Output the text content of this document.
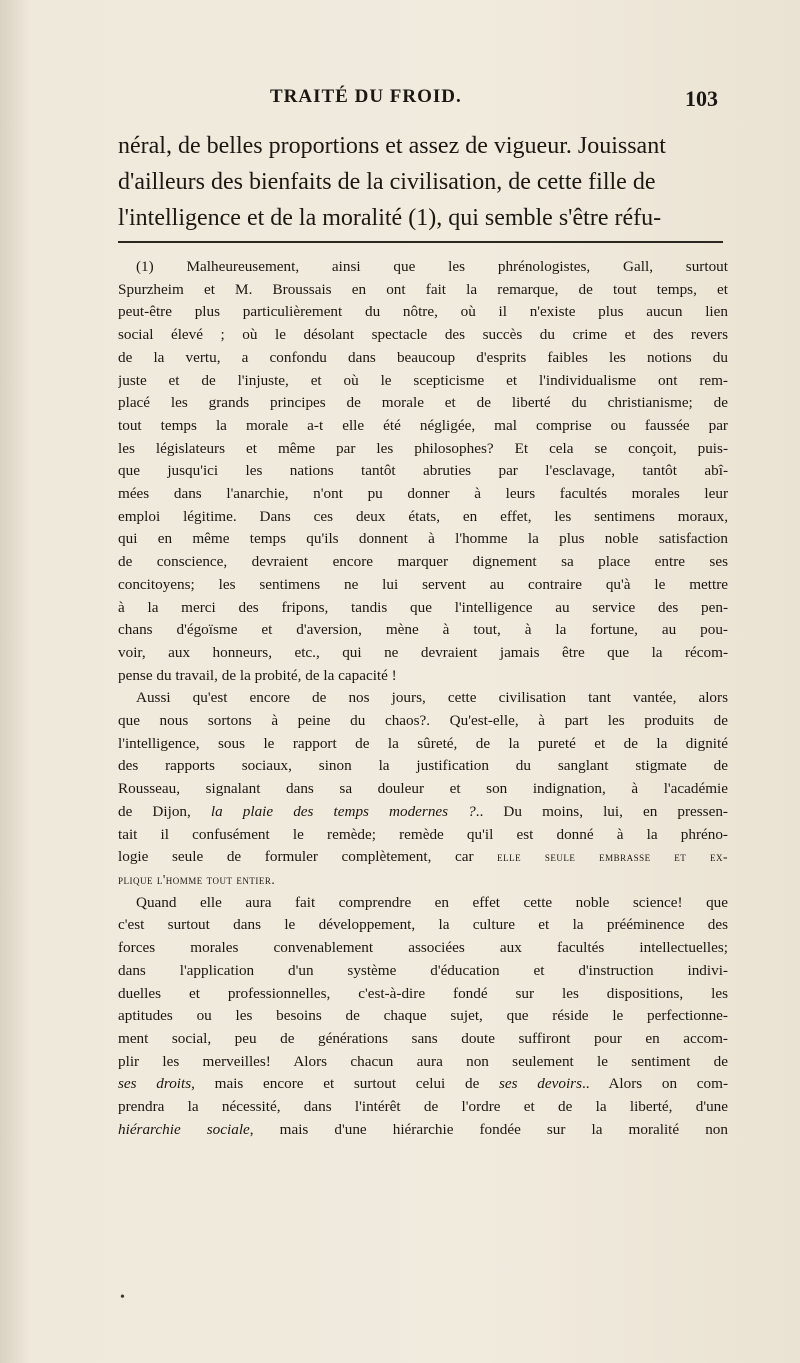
TRAITÉ DU FROID.	103
néral, de belles proportions et assez de vigueur. Jouissant
d'ailleurs des bienfaits de la civilisation, de cette fille de
l'intelligence et de la moralité (1), qui semble s'être réfu-
(1) Malheureusement, ainsi que les phrénologistes, Gall, surtout
Spurzheim et M. Broussais en ont fait la remarque, de tout temps, et
peut-être plus particulièrement du nôtre, où il n'existe plus aucun lien
social élevé ; où le désolant spectacle des succès du crime et des revers
de la vertu, a confondu dans beaucoup d'esprits faibles les notions du
juste et de l'injuste, et où le scepticisme et l'individualisme ont rem-
placé les grands principes de morale et de liberté du christianisme; de
tout temps la morale a-t elle été négligée, mal comprise ou faussée par
les législateurs et même par les philosophes? Et cela se conçoit, puis-
que jusqu'ici les nations tantôt abruties par l'esclavage, tantôt abî-
mées dans l'anarchie, n'ont pu donner à leurs facultés morales leur
emploi légitime. Dans ces deux états, en effet, les sentimens moraux,
qui en même temps qu'ils donnent à l'homme la plus noble satisfaction
de conscience, devraient encore marquer dignement sa place entre ses
concitoyens; les sentimens ne lui servent au contraire qu'à le mettre
à la merci des fripons, tandis que l'intelligence au service des pen-
chans d'égoïsme et d'aversion, mène à tout, à la fortune, au pou-
voir, aux honneurs, etc., qui ne devraient jamais être que la récom-
pense du travail, de la probité, de la capacité !
Aussi qu'est encore de nos jours, cette civilisation tant vantée, alors
que nous sortons à peine du chaos?. Qu'est-elle, à part les produits de
l'intelligence, sous le rapport de la sûreté, de la pureté et de la dignité
des rapports sociaux, sinon la justification du sanglant stigmate de
Rousseau, signalant dans sa douleur et son indignation, à l'académie
de Dijon, la plaie des temps modernes ?.. Du moins, lui, en pressen-
tait il confusément le remède; remède qu'il est donné à la phréno-
logie seule de formuler complètement, car elle seule embrasse et ex-
plique l'homme tout entier.
Quand elle aura fait comprendre en effet cette noble science! que
c'est surtout dans le développement, la culture et la prééminence des
forces morales convenablement associées aux facultés intellectuelles;
dans l'application d'un système d'éducation et d'instruction indivi-
duelles et professionnelles, c'est-à-dire fondé sur les dispositions, les
aptitudes ou les besoins de chaque sujet, que réside le perfectionne-
ment social, peu de générations sans doute suffiront pour en accom-
plir les merveilles! Alors chacun aura non seulement le sentiment de
ses droits, mais encore et surtout celui de ses devoirs.. Alors on com-
prendra la nécessité, dans l'intérêt de l'ordre et de la liberté, d'une
hiérarchie sociale, mais d'une hiérarchie fondée sur la moralité non
•
